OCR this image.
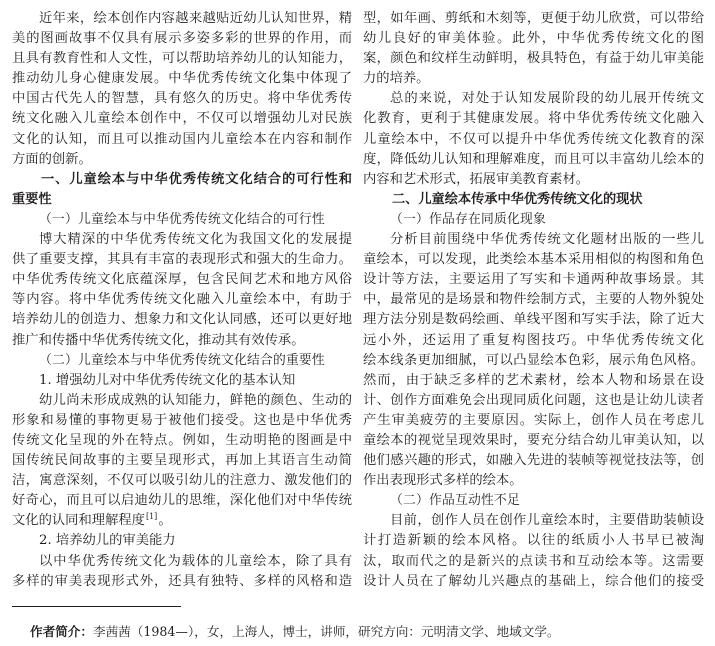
近年来，绘本创作内容越来越贴近幼儿认知世界，精
美的图画故事不仅具有展示多姿多彩的世界的作用，而
且具有教育性和人文性，可以帮助培养幼儿的认知能力，
推动幼儿身心健康发展。中华优秀传统文化集中体现了
中国古代先人的智慧，具有悠久的历史。将中华优秀传
统文化融入儿童绘本创作中，不仅可以增强幼儿对民族
文化的认知，而且可以推动国内儿童绘本在内容和制作
方面的创新。
一、儿童绘本与中华优秀传统文化结合的可行性和
重要性
（一）儿童绘本与中华优秀传统文化结合的可行性
博大精深的中华优秀传统文化为我国文化的发展提
供了重要支撑，其具有丰富的表现形式和强大的生命力。
中华优秀传统文化底蕴深厚，包含民间艺术和地方风俗
等内容。将中华优秀传统文化融入儿童绘本中，有助于
培养幼儿的创造力、想象力和文化认同感，还可以更好地
推广和传播中华优秀传统文化，推动其有效传承。
（二）儿童绘本与中华优秀传统文化结合的重要性
1. 增强幼儿对中华优秀传统文化的基本认知
幼儿尚未形成成熟的认知能力，鲜艳的颜色、生动的
形象和易懂的事物更易于被他们接受。这也是中华优秀
传统文化呈现的外在特点。例如，生动明艳的图画是中
国传统民间故事的主要呈现形式，再加上其语言生动简
洁，寓意深刻，不仅可以吸引幼儿的注意力、激发他们的
好奇心，而且可以启迪幼儿的思维，深化他们对中华传统
文化的认同和理解程度[1]。
2. 培养幼儿的审美能力
以中华优秀传统文化为载体的儿童绘本，除了具有
多样的审美表现形式外，还具有独特、多样的风格和造
型，如年画、剪纸和木刻等，更便于幼儿欣赏，可以带给
幼儿良好的审美体验。此外，中华优秀传统文化的图
案，颜色和纹样生动鲜明，极具特色，有益于幼儿审美能
力的培养。
总的来说，对处于认知发展阶段的幼儿展开传统文
化教育，更利于其健康发展。将中华优秀传统文化融入
儿童绘本中，不仅可以提升中华优秀传统文化教育的深
度，降低幼儿认知和理解难度，而且可以丰富幼儿绘本的
内容和艺术形式，拓展审美教育素材。
二、儿童绘本传承中华优秀传统文化的现状
（一）作品存在同质化现象
分析目前围绕中华优秀传统文化题材出版的一些儿
童绘本，可以发现，此类绘本基本采用相似的构图和角色
设计等方法，主要运用了写实和卡通两种故事场景。其
中，最常见的是场景和物件绘制方式，主要的人物外貌处
理方法分别是数码绘画、单线平图和写实手法，除了近大
远小外，还运用了重复构图技巧。中华优秀传统文化
绘本线条更加细腻，可以凸显绘本色彩，展示角色风格。
然而，由于缺乏多样的艺术素材，绘本人物和场景在设
计、创作方面难免会出现同质化问题，这也是让幼儿读者
产生审美疲劳的主要原因。实际上，创作人员在考虑儿
童绘本的视觉呈现效果时，要充分结合幼儿审美认知，以
他们感兴趣的形式，如融入先进的装帧等视觉技法等，创
作出表现形式多样的绘本。
（二）作品互动性不足
目前，创作人员在创作儿童绘本时，主要借助装帧设
计打造新颖的绘本风格。以往的纸质小人书早已被淘
汰，取而代之的是新兴的点读书和互动绘本等。这需要
设计人员在了解幼儿兴趣点的基础上，综合他们的接受
作者简介：李茜茜（1984—），女，上海人，博士，讲师，研究方向：元明清文学、地域文学。
